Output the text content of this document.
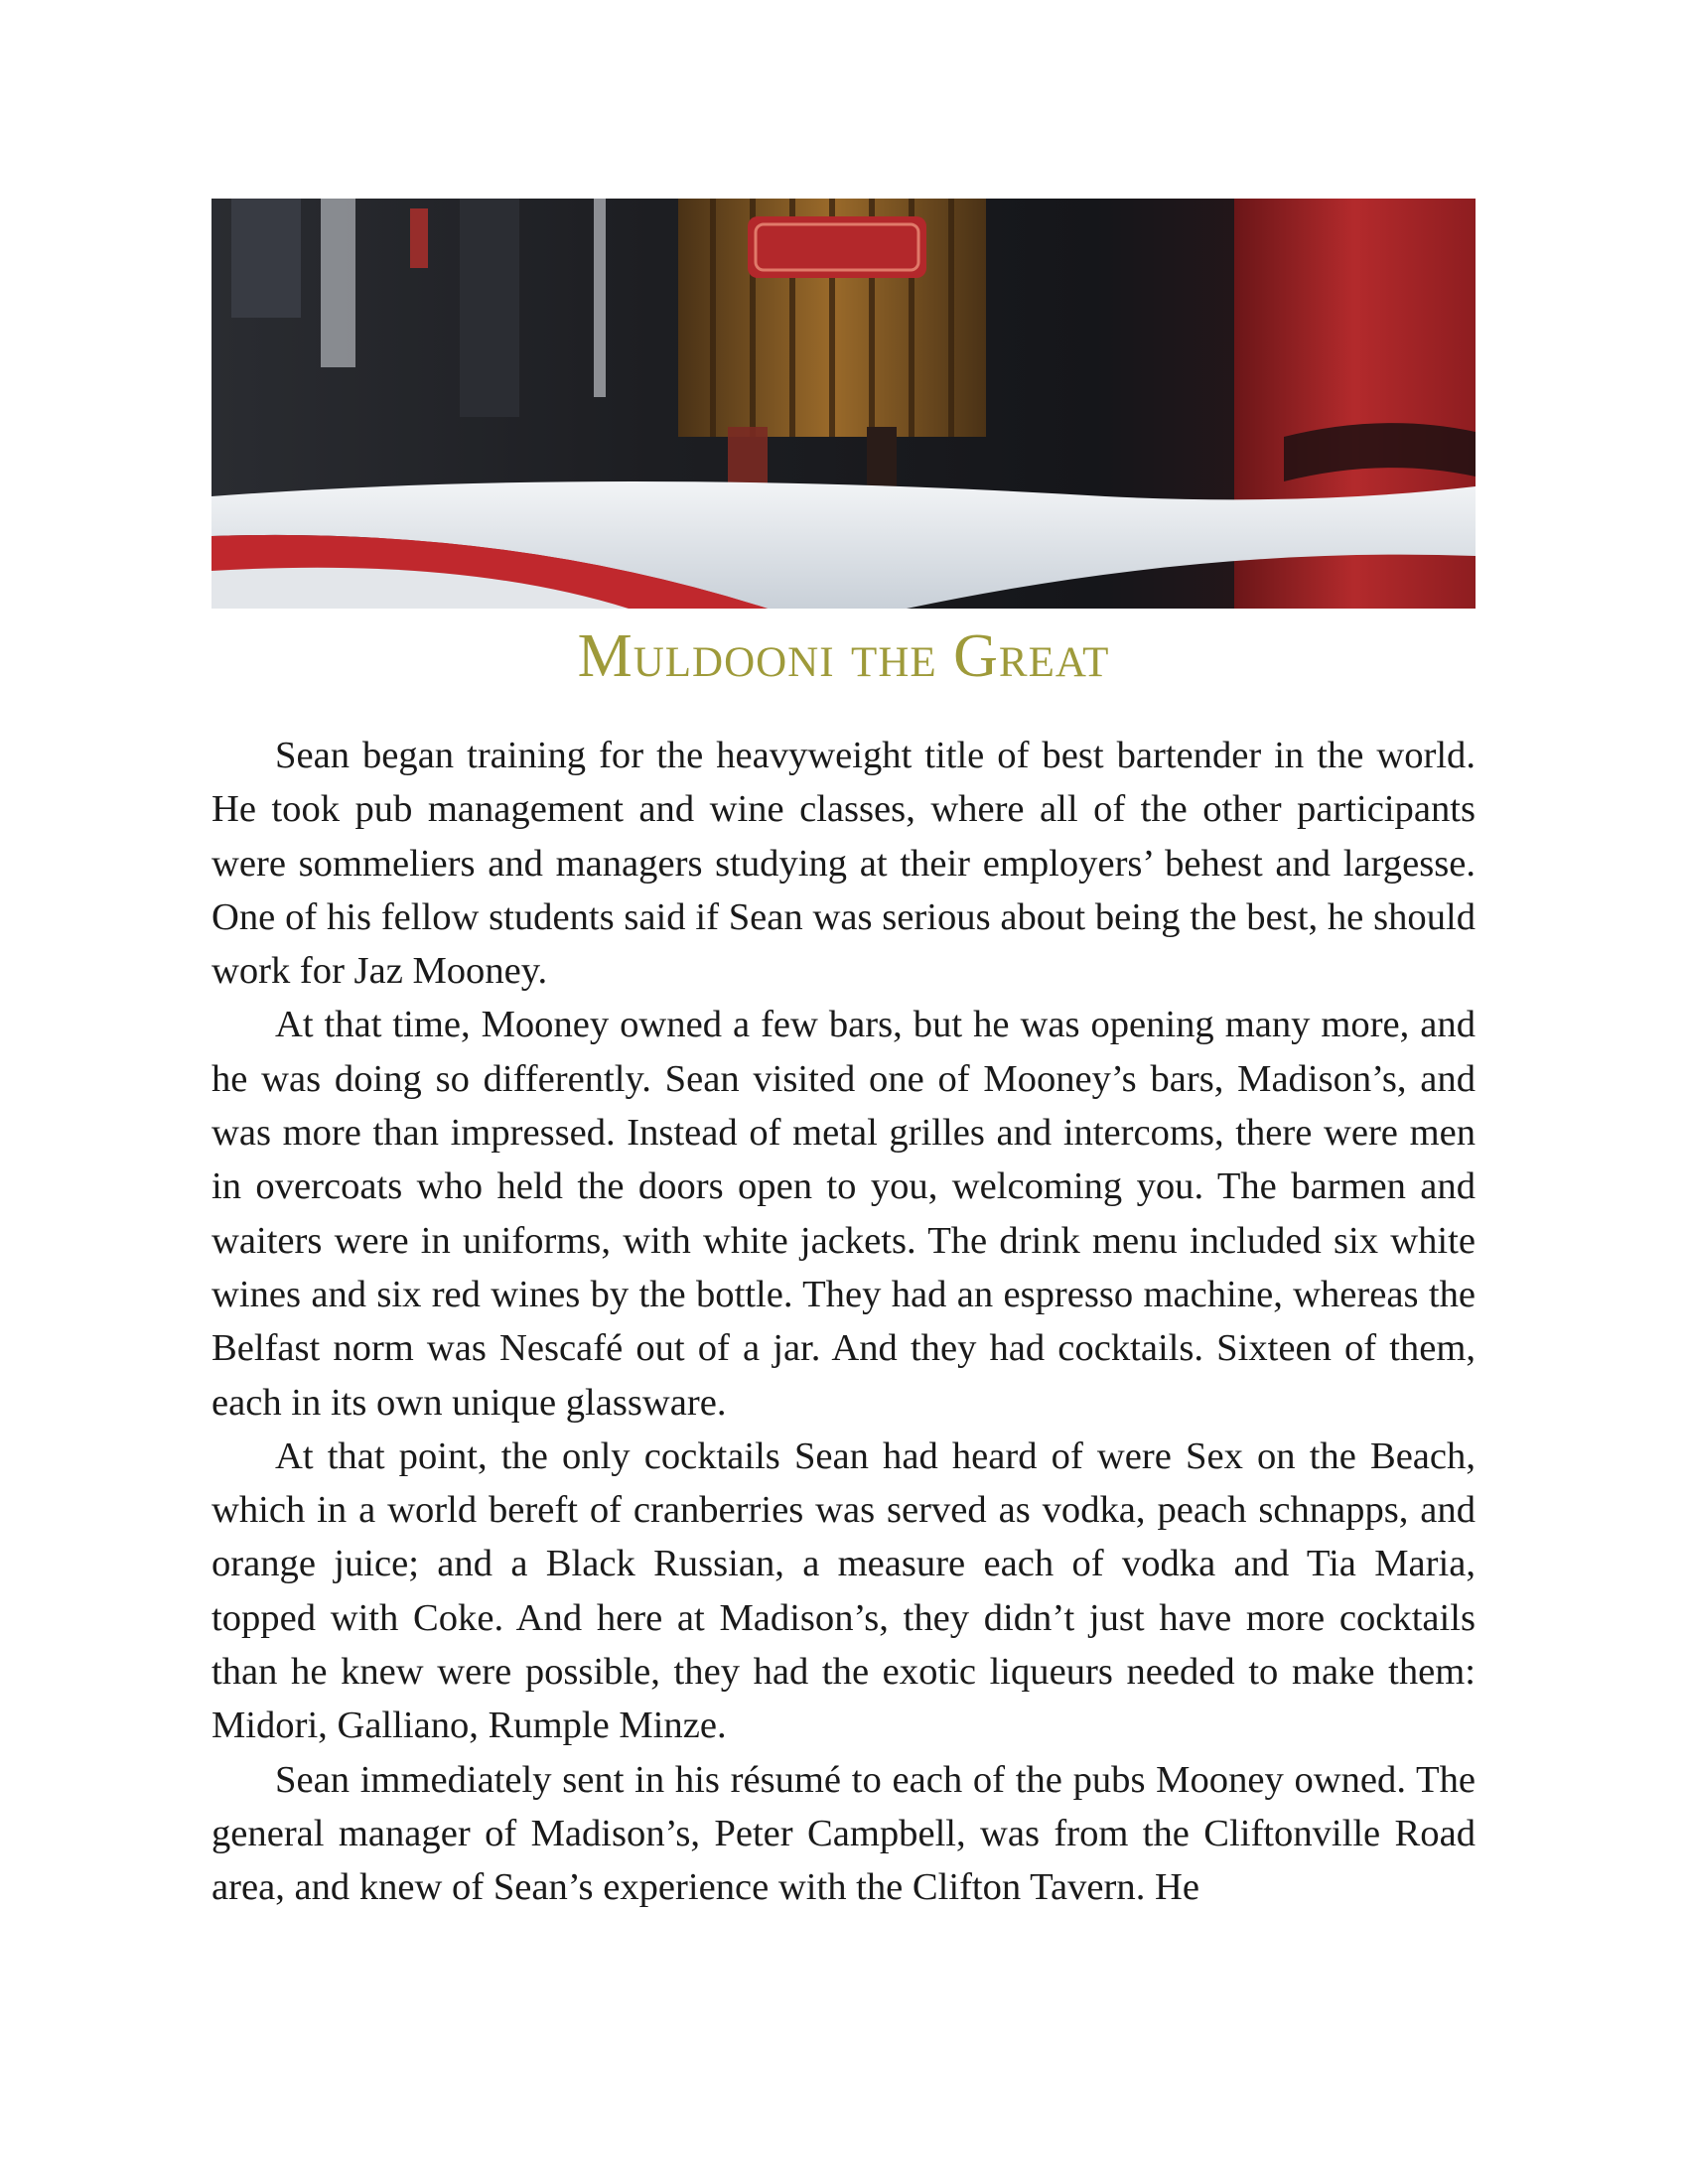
Muldooni the Great

Sean began training for the heavyweight title of best bartender in the world. He took pub management and wine classes, where all of the other participants were sommeliers and managers studying at their employers’ behest and largesse. One of his fellow students said if Sean was serious about being the best, he should work for Jaz Mooney.

At that time, Mooney owned a few bars, but he was opening many more, and he was doing so differently. Sean visited one of Mooney’s bars, Madison’s, and was more than impressed. Instead of metal grilles and intercoms, there were men in overcoats who held the doors open to you, welcoming you. The barmen and waiters were in uniforms, with white jackets. The drink menu included six white wines and six red wines by the bottle. They had an espresso machine, whereas the Belfast norm was Nescafé out of a jar. And they had cocktails. Sixteen of them, each in its own unique glassware.

At that point, the only cocktails Sean had heard of were Sex on the Beach, which in a world bereft of cranberries was served as vodka, peach schnapps, and orange juice; and a Black Russian, a measure each of vodka and Tia Maria, topped with Coke. And here at Madison’s, they didn’t just have more cocktails than he knew were possible, they had the exotic liqueurs needed to make them: Midori, Galliano, Rumple Minze.

Sean immediately sent in his résumé to each of the pubs Mooney owned. The general manager of Madison’s, Peter Campbell, was from the Cliftonville Road area, and knew of Sean’s experience with the Clifton Tavern. He
